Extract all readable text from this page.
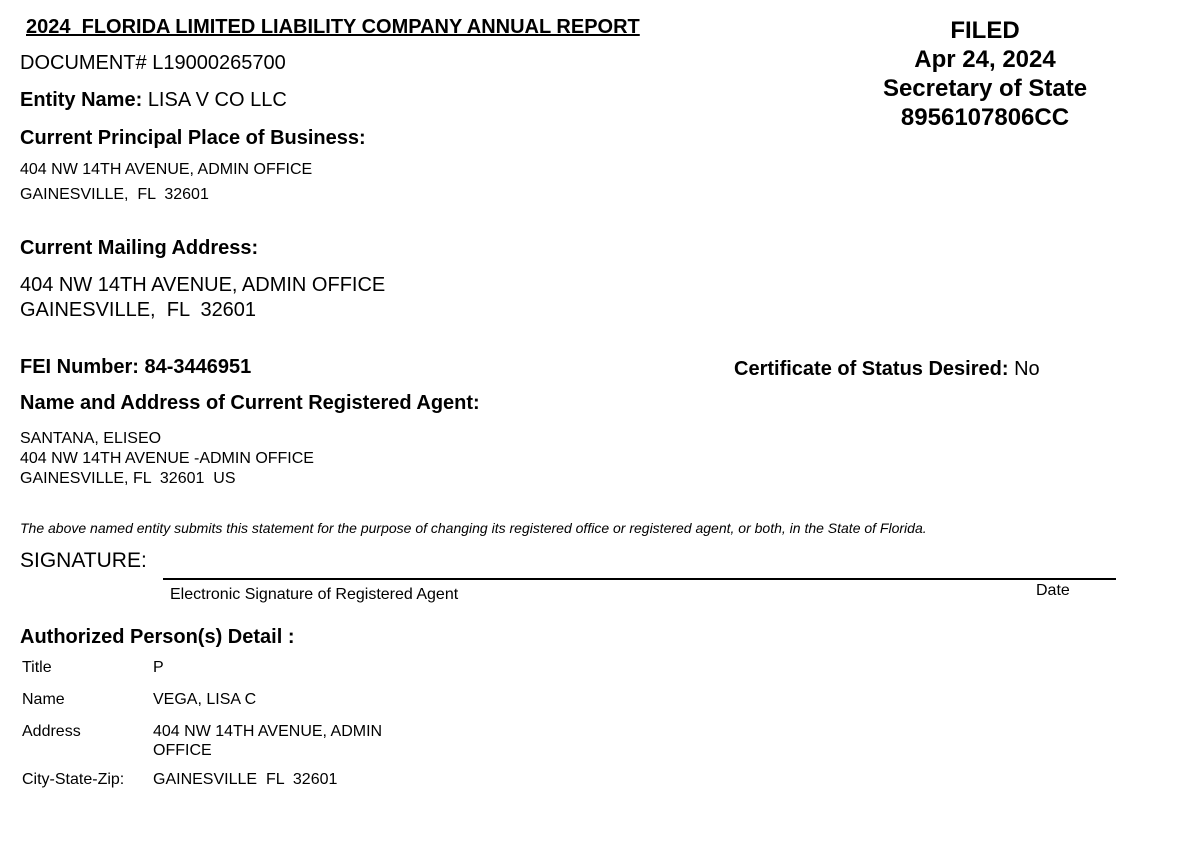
2024  FLORIDA LIMITED LIABILITY COMPANY ANNUAL REPORT
DOCUMENT# L19000265700
Entity Name: LISA V CO LLC
FILED
Apr 24, 2024
Secretary of State
8956107806CC
Current Principal Place of Business:
404 NW 14TH AVENUE, ADMIN OFFICE
GAINESVILLE,  FL  32601
Current Mailing Address:
404 NW 14TH AVENUE, ADMIN OFFICE
GAINESVILLE,  FL  32601
FEI Number: 84-3446951	Certificate of Status Desired: No
Name and Address of Current Registered Agent:
SANTANA, ELISEO
404 NW 14TH AVENUE -ADMIN OFFICE
GAINESVILLE, FL  32601  US
The above named entity submits this statement for the purpose of changing its registered office or registered agent, or both, in the State of Florida.
SIGNATURE:
Electronic Signature of Registered Agent	Date
Authorized Person(s) Detail :
Title	P
Name	VEGA, LISA C
Address	404 NW 14TH AVENUE, ADMIN
OFFICE
City-State-Zip: GAINESVILLE  FL  32601
